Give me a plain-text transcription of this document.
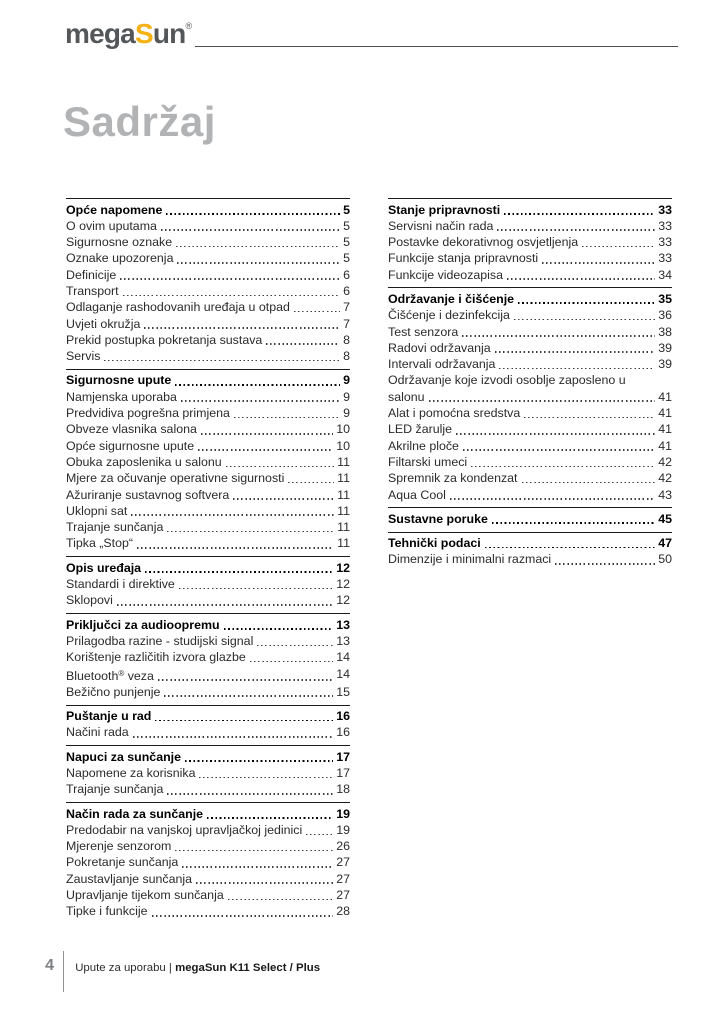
megaSun®
Sadržaj
Opće napomene	5
O ovim uputama	5
Sigurnosne oznake	5
Oznake upozorenja	5
Definicije	6
Transport	6
Odlaganje rashodovanih uređaja u otpad	7
Uvjeti okružja	7
Prekid postupka pokretanja sustava	8
Servis	8
Sigurnosne upute	9
Namjenska uporaba	9
Predvidiva pogrešna primjena	9
Obveze vlasnika salona	10
Opće sigurnosne upute	10
Obuka zaposlenika u salonu	11
Mjere za očuvanje operativne sigurnosti	11
Ažuriranje sustavnog softvera	11
Uklopni sat	11
Trajanje sunčanja	11
Tipka „Stop“	11
Opis uređaja	12
Standardi i direktive	12
Sklopovi	12
Priključci za audioopremu	13
Prilagodba razine - studijski signal	13
Korištenje različitih izvora glazbe	14
Bluetooth® veza	14
Bežično punjenje	15
Puštanje u rad	16
Načini rada	16
Napuci za sunčanje	17
Napomene za korisnika	17
Trajanje sunčanja	18
Način rada za sunčanje	19
Predodabir na vanjskoj upravljačkoj jedinici	19
Mjerenje senzorom	26
Pokretanje sunčanja	27
Zaustavljanje sunčanja	27
Upravljanje tijekom sunčanja	27
Tipke i funkcije	28
Stanje pripravnosti	33
Servisni način rada	33
Postavke dekorativnog osvjetljenja	33
Funkcije stanja pripravnosti	33
Funkcije videozapisa	34
Održavanje i čišćenje	35
Čišćenje i dezinfekcija	36
Test senzora	38
Radovi održavanja	39
Intervali održavanja	39
Održavanje koje izvodi osoblje zaposleno u
salonu	41
Alat i pomoćna sredstva	41
LED žarulje	41
Akrilne ploče	41
Filtarski umeci	42
Spremnik za kondenzat	42
Aqua Cool	43
Sustavne poruke	45
Tehnički podaci	47
Dimenzije i minimalni razmaci	50
4 Upute za uporabu | megaSun K11 Select / Plus
